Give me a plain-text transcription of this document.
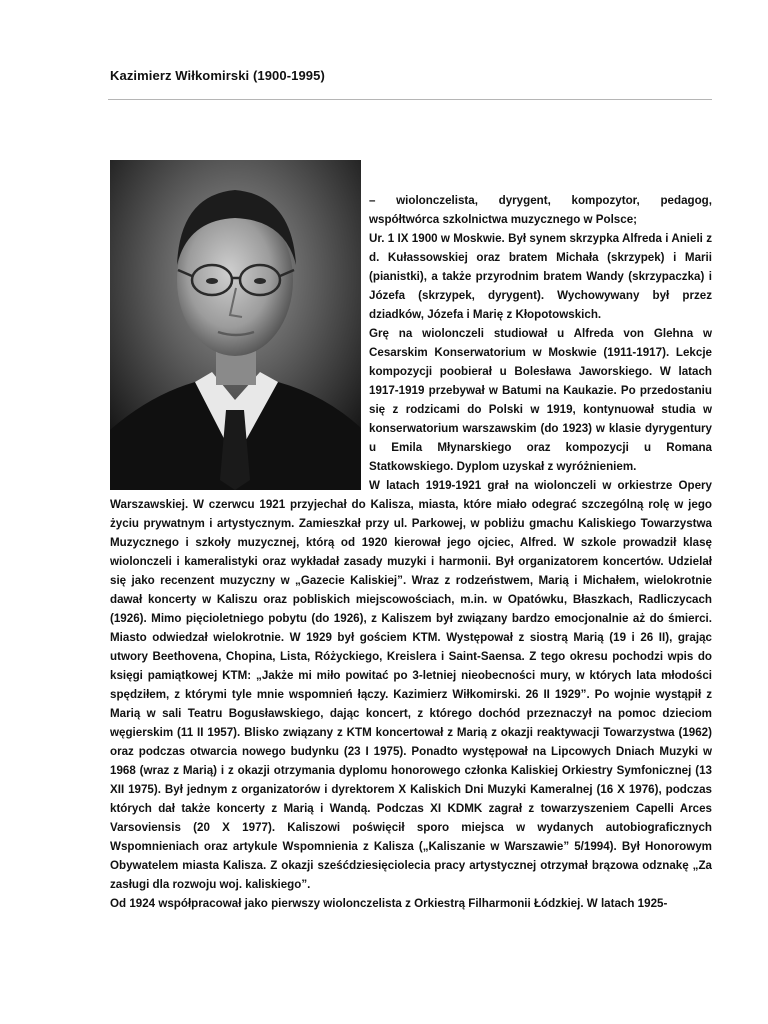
Kazimierz Wiłkomirski (1900-1995)

– wiolonczelista, dyrygent, kompozytor, pedagog, współtwórca szkolnictwa muzycznego w Polsce;

Ur. 1 IX 1900 w Moskwie. Był synem skrzypka Alfreda i Anieli z d. Kułassowskiej oraz bratem Michała (skrzypek) i Marii (pianistki), a także przyrodnim bratem Wandy (skrzypaczka) i Józefa (skrzypek, dyrygent). Wychowywany był przez dziadków, Józefa i Marię z Kłopotowskich.

Grę na wiolonczeli studiował u Alfreda von Glehna w Cesarskim Konserwatorium w Moskwie (1911-1917). Lekcje kompozycji poobierał u Bolesława Jaworskiego. W latach 1917-1919 przebywał w Batumi na Kaukazie. Po przedostaniu się z rodzicami do Polski w 1919, kontynuował studia w konserwatorium warszawskim (do 1923) w klasie dyrygentury u Emila Młynarskiego oraz kompozycji u Romana Statkowskiego. Dyplom uzyskał z wyróżnieniem.

W latach 1919-1921 grał na wiolonczeli w orkiestrze Opery Warszawskiej. W czerwcu 1921 przyjechał do Kalisza, miasta, które miało odegrać szczególną rolę w jego życiu prywatnym i artystycznym. Zamieszkał przy ul. Parkowej, w pobliżu gmachu Kaliskiego Towarzystwa Muzycznego i szkoły muzycznej, którą od 1920 kierował jego ojciec, Alfred. W szkole prowadził klasę wiolonczeli i kameralistyki oraz wykładał zasady muzyki i harmonii. Był organizatorem koncertów. Udzielał się jako recenzent muzyczny w „Gazecie Kaliskiej”. Wraz z rodzeństwem, Marią i Michałem, wielokrotnie dawał koncerty w Kaliszu oraz pobliskich miejscowościach, m.in. w Opatówku, Błaszkach, Radliczycach (1926). Mimo pięcioletniego pobytu (do 1926), z Kaliszem był związany bardzo emocjonalnie aż do śmierci. Miasto odwiedzał wielokrotnie. W 1929 był gościem KTM. Występował z siostrą Marią (19 i 26 II), grając utwory Beethovena, Chopina, Lista, Różyckiego, Kreislera i Saint-Saensa. Z tego okresu pochodzi wpis do księgi pamiątkowej KTM: „Jakże mi miło powitać po 3-letniej nieobecności mury, w których lata młodości spędziłem, z którymi tyle mnie wspomnień łączy. Kazimierz Wiłkomirski. 26 II 1929”. Po wojnie wystąpił z Marią w sali Teatru Bogusławskiego, dając koncert, z którego dochód przeznaczył na pomoc dzieciom węgierskim (11 II 1957). Blisko związany z KTM koncertował z Marią z okazji reaktywacji Towarzystwa (1962) oraz podczas otwarcia nowego budynku (23 I 1975). Ponadto występował na Lipcowych Dniach Muzyki w 1968 (wraz z Marią) i z okazji otrzymania dyplomu honorowego członka Kaliskiej Orkiestry Symfonicznej (13 XII 1975). Był jednym z organizatorów i dyrektorem X Kaliskich Dni Muzyki Kameralnej (16 X 1976), podczas których dał także koncerty z Marią i Wandą. Podczas XI KDMK zagrał z towarzyszeniem Capelli Arces Varsoviensis (20 X 1977). Kaliszowi poświęcił sporo miejsca w wydanych autobiograficznych Wspomnieniach oraz artykule Wspomnienia z Kalisza („Kaliszanie w Warszawie” 5/1994). Był Honorowym Obywatelem miasta Kalisza. Z okazji sześćdziesięciolecia pracy artystycznej otrzymał brązowa odznakę „Za zasługi dla rozwoju woj. kaliskiego”.

Od 1924 współpracował jako pierwszy wiolonczelista z Orkiestrą Filharmonii Łódzkiej. W latach 1925-
